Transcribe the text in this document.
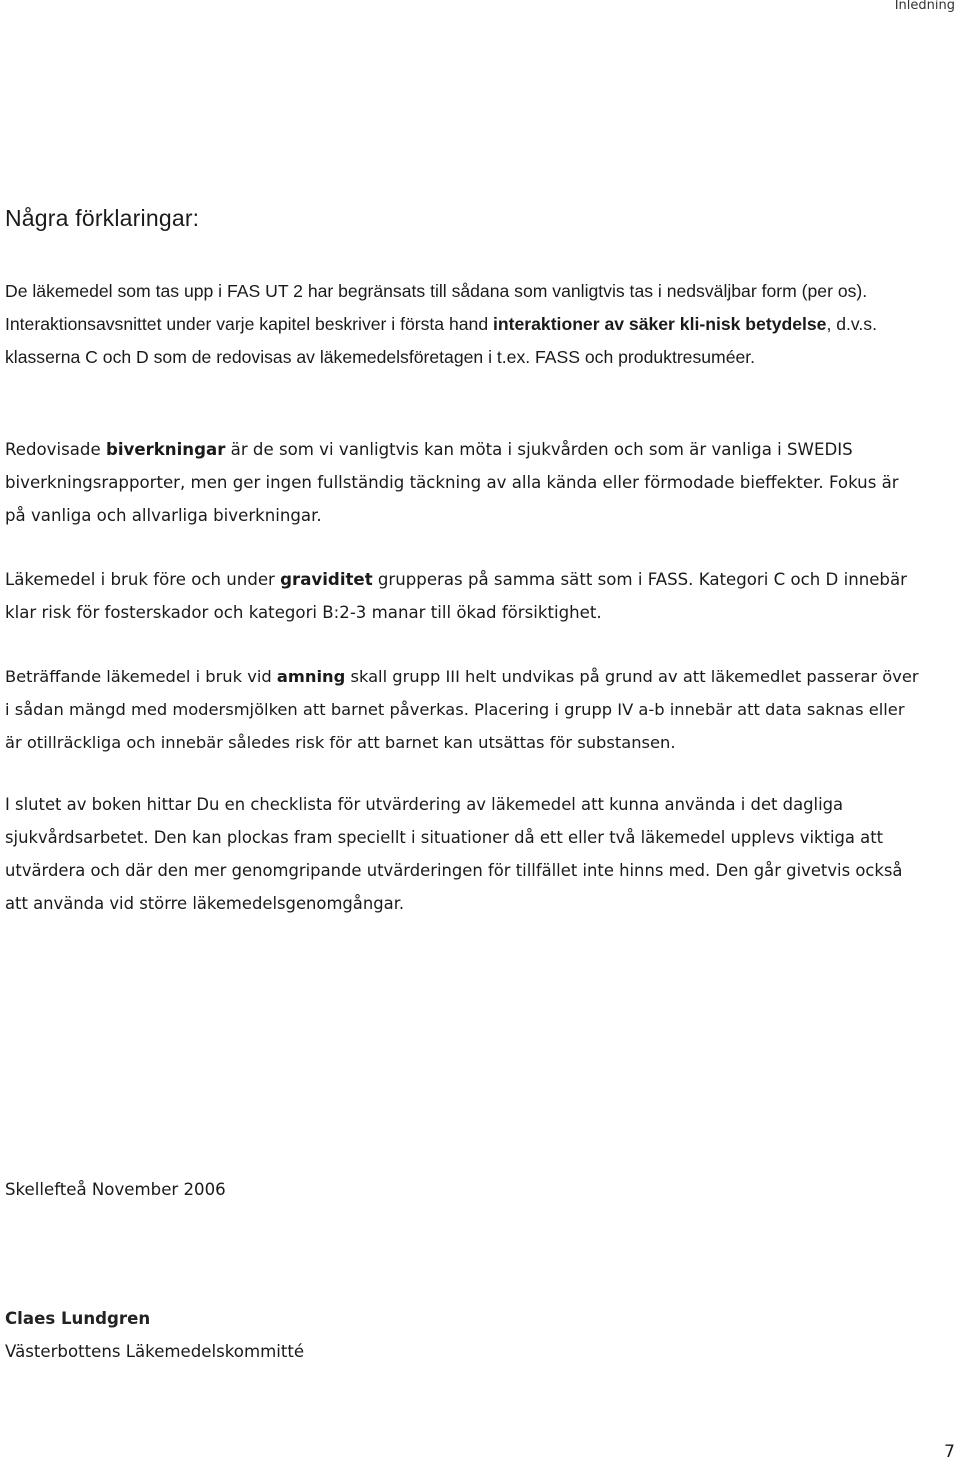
Inledning
Några förklaringar:

De läkemedel som tas upp i FAS UT 2 har begränsats till sådana som vanligtvis tas i nedsväljbar form (per os). Interaktionsavsnittet under varje kapitel beskriver i första hand interaktioner av säker kli-nisk betydelse, d.v.s. klasserna C och D som de redovisas av läkemedelsföretagen i t.ex. FASS och produktresuméer.

Redovisade biverkningar är de som vi vanligtvis kan möta i sjukvården och som är vanliga i SWEDIS biverkningsrapporter, men ger ingen fullständig täckning av alla kända eller förmodade bieffekter. Fokus är på vanliga och allvarliga biverkningar.

Läkemedel i bruk före och under graviditet grupperas på samma sätt som i FASS. Kategori C och D innebär klar risk för fosterskador och kategori B:2-3 manar till ökad försiktighet.

Beträffande läkemedel i bruk vid amning skall grupp III helt undvikas på grund av att läkemedlet passerar över i sådan mängd med modersmjölken att barnet påverkas. Placering i grupp IV a-b innebär att data saknas eller är otillräckliga och innebär således risk för att barnet kan utsättas för substansen.

I slutet av boken hittar Du en checklista för utvärdering av läkemedel att kunna använda i det dagliga sjukvårdsarbetet. Den kan plockas fram speciellt i situationer då ett eller två läkemedel upplevs viktiga att utvärdera och där den mer genomgripande utvärderingen för tillfället inte hinns med. Den går givetvis också att använda vid större läkemedelsgenomgångar.

Skellefteå November 2006

Claes Lundgren

Västerbottens Läkemedelskommitté

7
